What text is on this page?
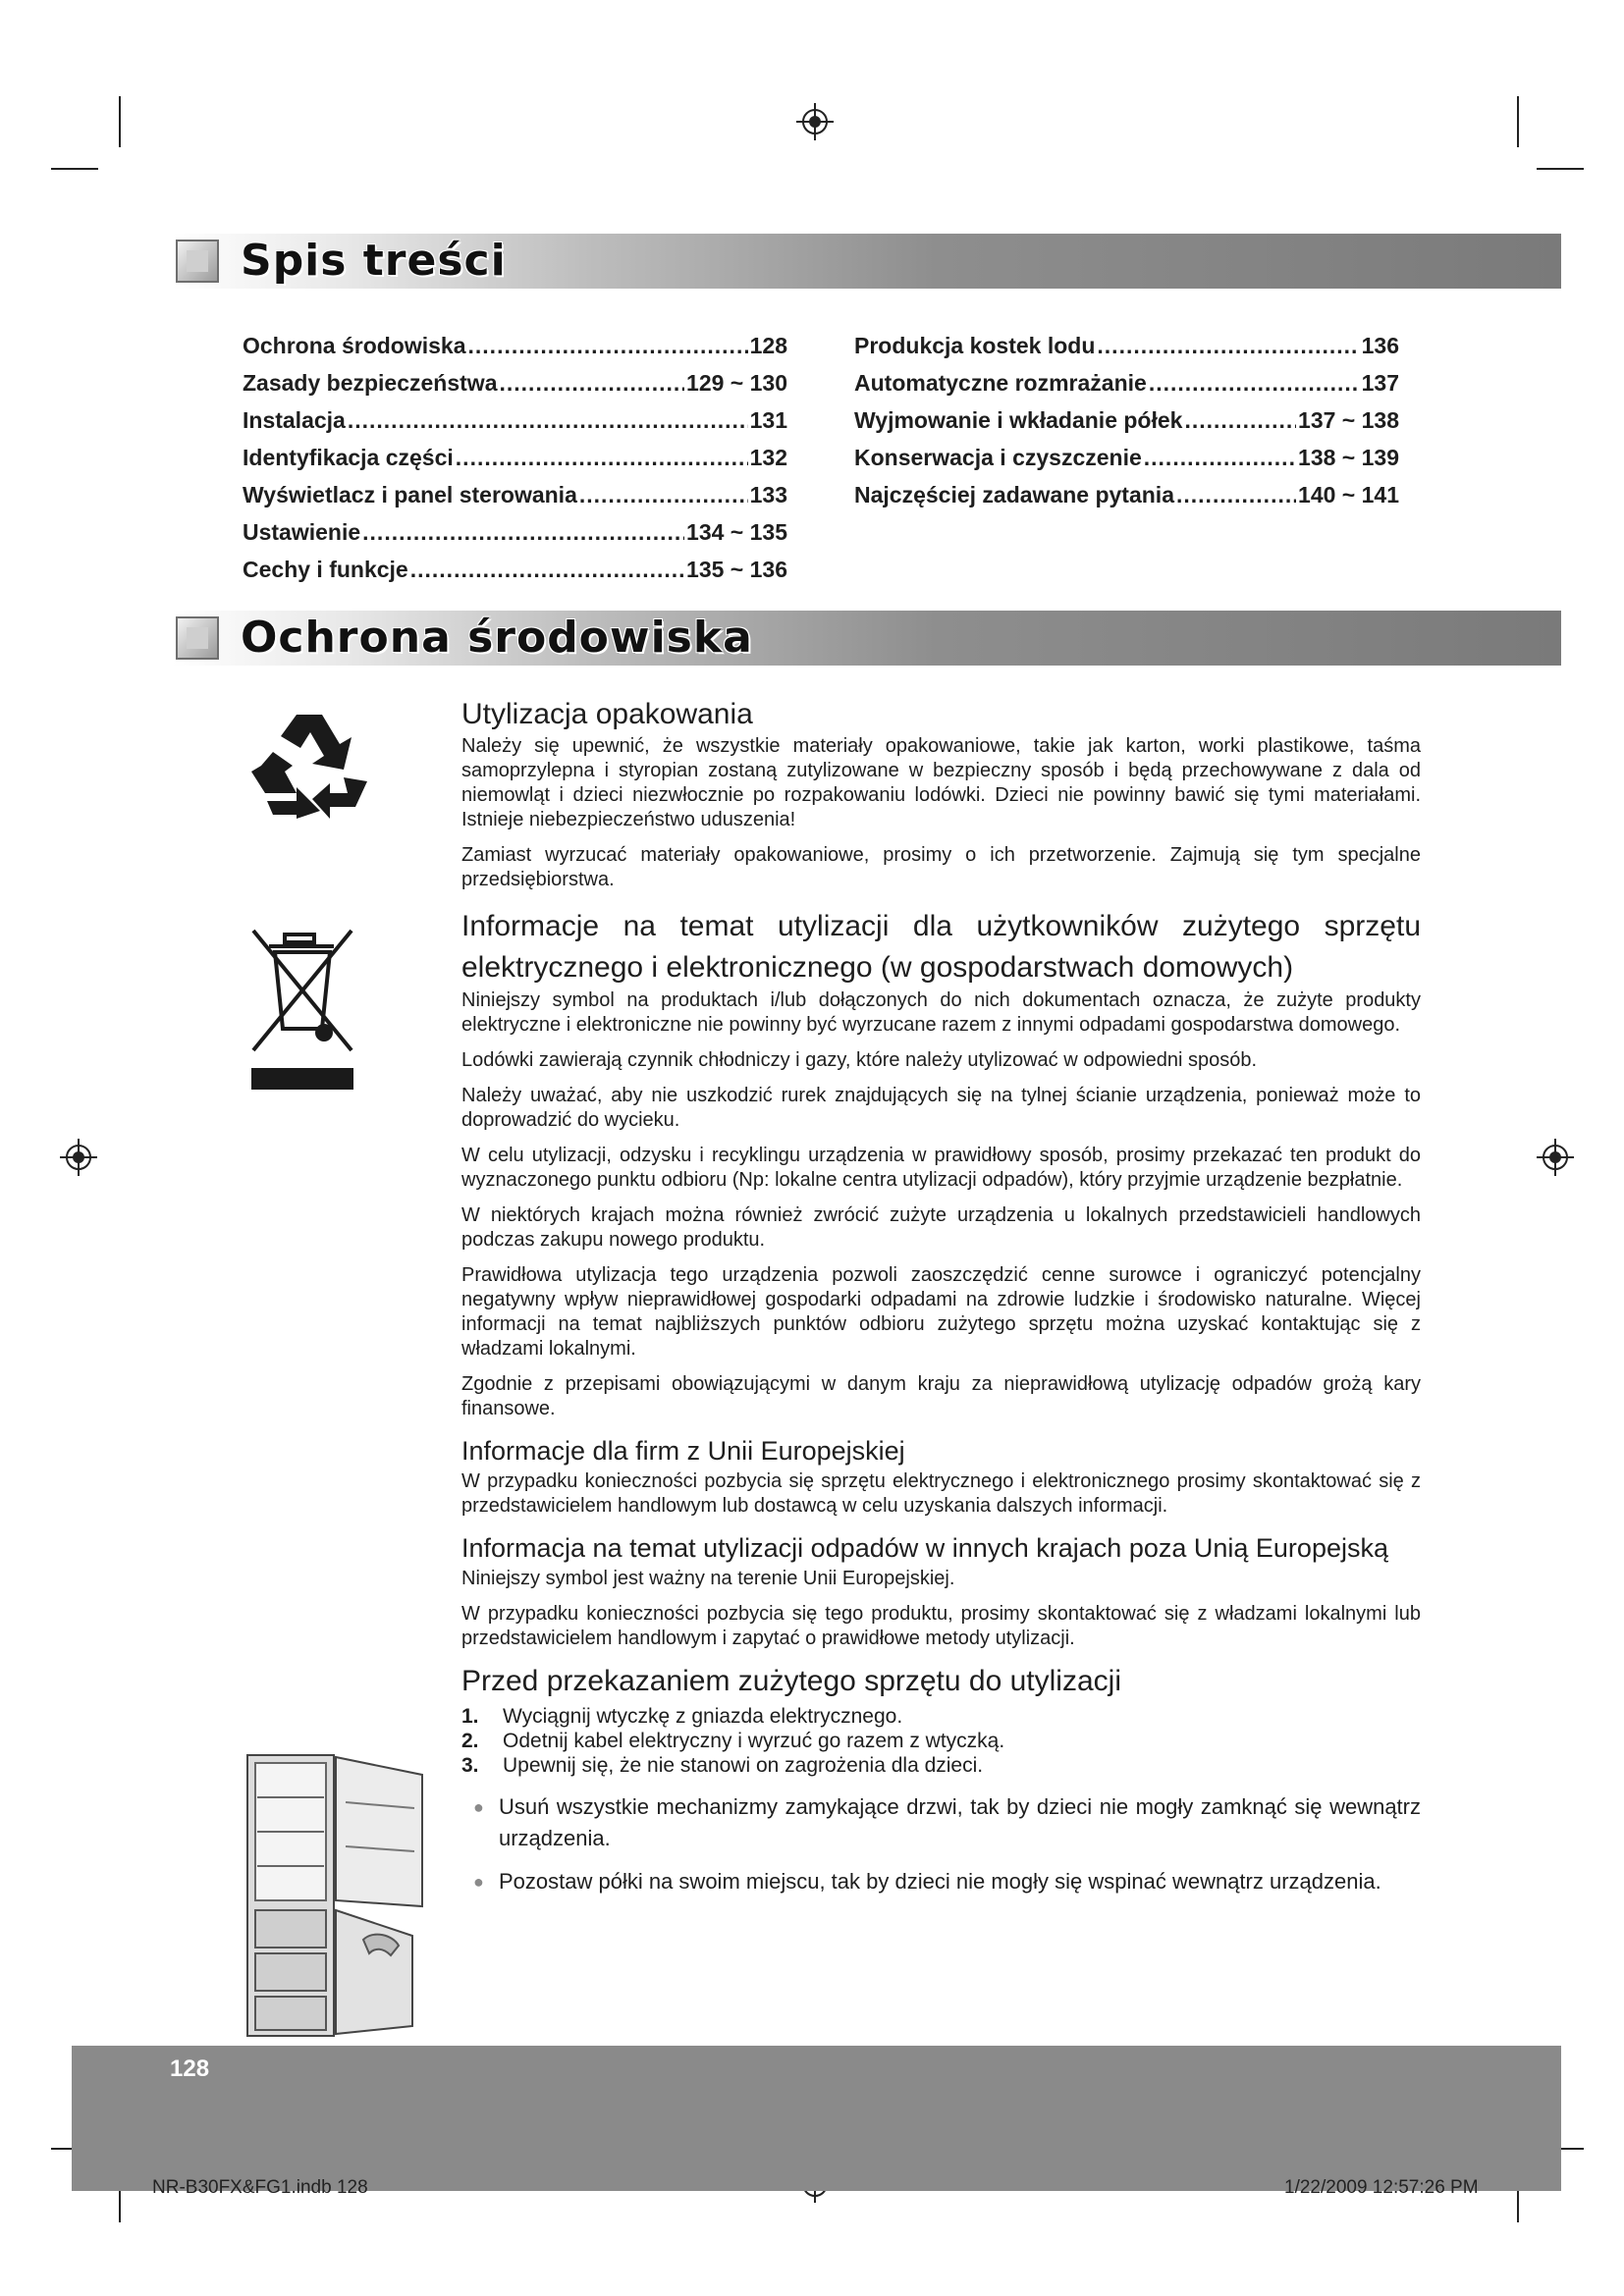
Spis treści
Ochrona środowiska .....	128
Zasady bezpieczeństwa .....	129 ~ 130
Instalacja .....	131
Identyfikacja części .....	132
Wyświetlacz i panel sterowania .....	133
Ustawienie .....	134 ~ 135
Cechy i funkcje .....	135 ~ 136
Produkcja kostek lodu .....	136
Automatyczne rozmrażanie .....	137
Wyjmowanie i wkładanie półek .....	137 ~ 138
Konserwacja i czyszczenie .....	138 ~ 139
Najczęściej zadawane pytania .....	140 ~ 141
Ochrona środowiska
Utylizacja opakowania

Należy się upewnić, że wszystkie materiały opakowaniowe, takie jak karton, worki plastikowe, taśma samoprzylepna i styropian zostaną zutylizowane w bezpieczny sposób i będą przechowywane z dala od niemowląt i dzieci niezwłocznie po rozpakowaniu lodówki. Dzieci nie powinny bawić się tymi materiałami. Istnieje niebezpieczeństwo uduszenia!

Zamiast wyrzucać materiały opakowaniowe, prosimy o ich przetworzenie. Zajmują się tym specjalne przedsiębiorstwa.

Informacje na temat utylizacji dla użytkowników zużytego sprzętu elektrycznego i elektronicznego (w gospodarstwach domowych)

Niniejszy symbol na produktach i/lub dołączonych do nich dokumentach oznacza, że zużyte produkty elektryczne i elektroniczne nie powinny być wyrzucane razem z innymi odpadami gospodarstwa domowego.

Lodówki zawierają czynnik chłodniczy i gazy, które należy utylizować w odpowiedni sposób.

Należy uważać, aby nie uszkodzić rurek znajdujących się na tylnej ścianie urządzenia, ponieważ może to doprowadzić do wycieku.

W celu utylizacji, odzysku i recyklingu urządzenia w prawidłowy sposób, prosimy przekazać ten produkt do wyznaczonego punktu odbioru (Np: lokalne centra utylizacji odpadów), który przyjmie urządzenie bezpłatnie.

W niektórych krajach można również zwrócić zużyte urządzenia u lokalnych przedstawicieli handlowych podczas zakupu nowego produktu.

Prawidłowa utylizacja tego urządzenia pozwoli zaoszczędzić cenne surowce i ograniczyć potencjalny negatywny wpływ nieprawidłowej gospodarki odpadami na zdrowie ludzkie i środowisko naturalne. Więcej informacji na temat najbliższych punktów odbioru zużytego sprzętu można uzyskać kontaktując się z władzami lokalnymi.

Zgodnie z przepisami obowiązującymi w danym kraju za nieprawidłową utylizację odpadów grożą kary finansowe.

Informacje dla firm z Unii Europejskiej

W przypadku konieczności pozbycia się sprzętu elektrycznego i elektronicznego prosimy skontaktować się z przedstawicielem handlowym lub dostawcą w celu uzyskania dalszych informacji.

Informacja na temat utylizacji odpadów w innych krajach poza Unią Europejską

Niniejszy symbol jest ważny na terenie Unii Europejskiej.

W przypadku konieczności pozbycia się tego produktu, prosimy skontaktować się z władzami lokalnymi lub przedstawicielem handlowym i zapytać o prawidłowe metody utylizacji.

Przed przekazaniem zużytego sprzętu do utylizacji
1.	Wyciągnij wtyczkę z gniazda elektrycznego.
2.	Odetnij kabel elektryczny i wyrzuć go razem z wtyczką.
3.	Upewnij się, że nie stanowi on zagrożenia dla dzieci.
● Usuń wszystkie mechanizmy zamykające drzwi, tak by dzieci nie mogły zamknąć się wewnątrz urządzenia.
● Pozostaw półki na swoim miejscu, tak by dzieci nie mogły się wspinać wewnątrz urządzenia.
128
NR-B30FX&FG1.indb 128	1/22/2009 12:57:26 PM
